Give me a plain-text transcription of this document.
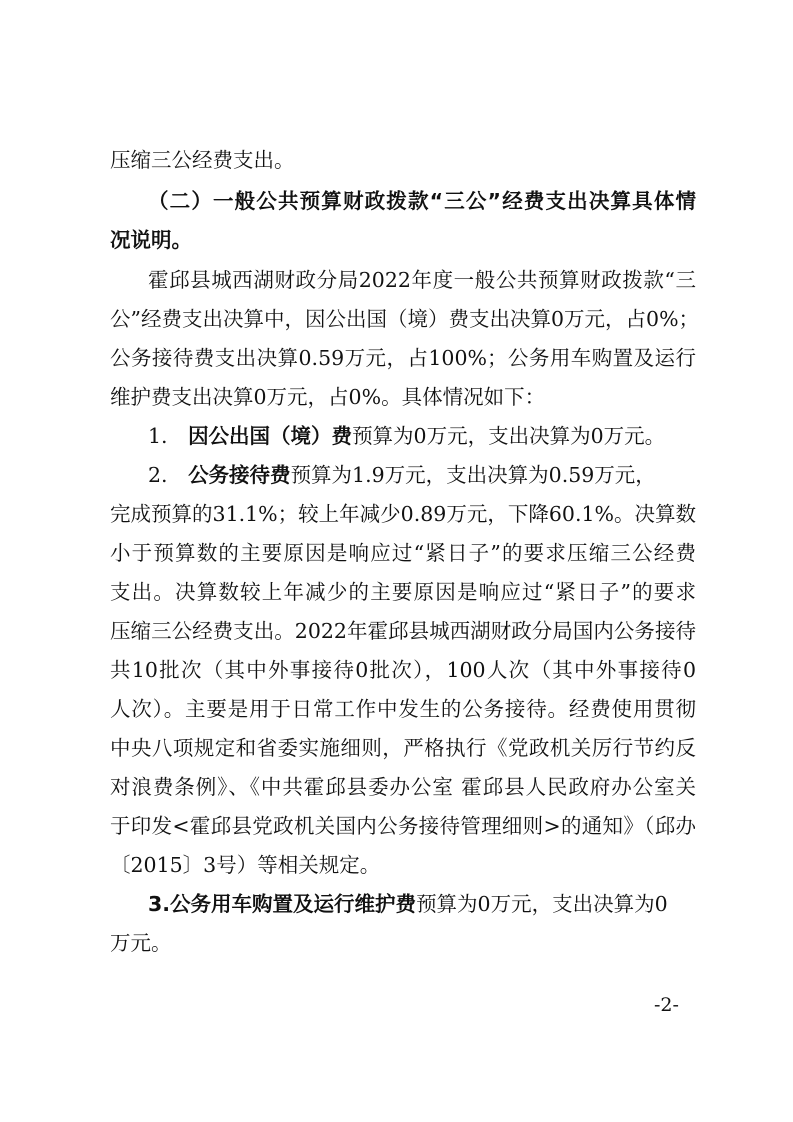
压缩三公经费支出。
（二）一般公共预算财政拨款“三公”经费支出决算具体情
况说明。
霍邱县城西湖财政分局2022年度一般公共预算财政拨款“三
公”经费支出决算中，因公出国（境）费支出决算0万元，占0%；
公务接待费支出决算0.59万元，占100%；公务用车购置及运行
维护费支出决算0万元，占0%。具体情况如下：
1.　因公出国（境）费预算为0万元，支出决算为0万元。
2.　公务接待费预算为1.9万元，支出决算为0.59万元，
完成预算的31.1%；较上年减少0.89万元，下降60.1%。决算数
小于预算数的主要原因是响应过“紧日子”的要求压缩三公经费
支出。决算数较上年减少的主要原因是响应过“紧日子”的要求
压缩三公经费支出。2022年霍邱县城西湖财政分局国内公务接待
共10批次（其中外事接待0批次），100人次（其中外事接待0
人次）。主要是用于日常工作中发生的公务接待。经费使用贯彻
中央八项规定和省委实施细则，严格执行《党政机关厉行节约反
对浪费条例》、《中共霍邱县委办公室 霍邱县人民政府办公室关
于印发<霍邱县党政机关国内公务接待管理细则>的通知》（邱办
〔2015〕3号）等相关规定。
3.公务用车购置及运行维护费预算为0万元，支出决算为0
万元。
-2-
